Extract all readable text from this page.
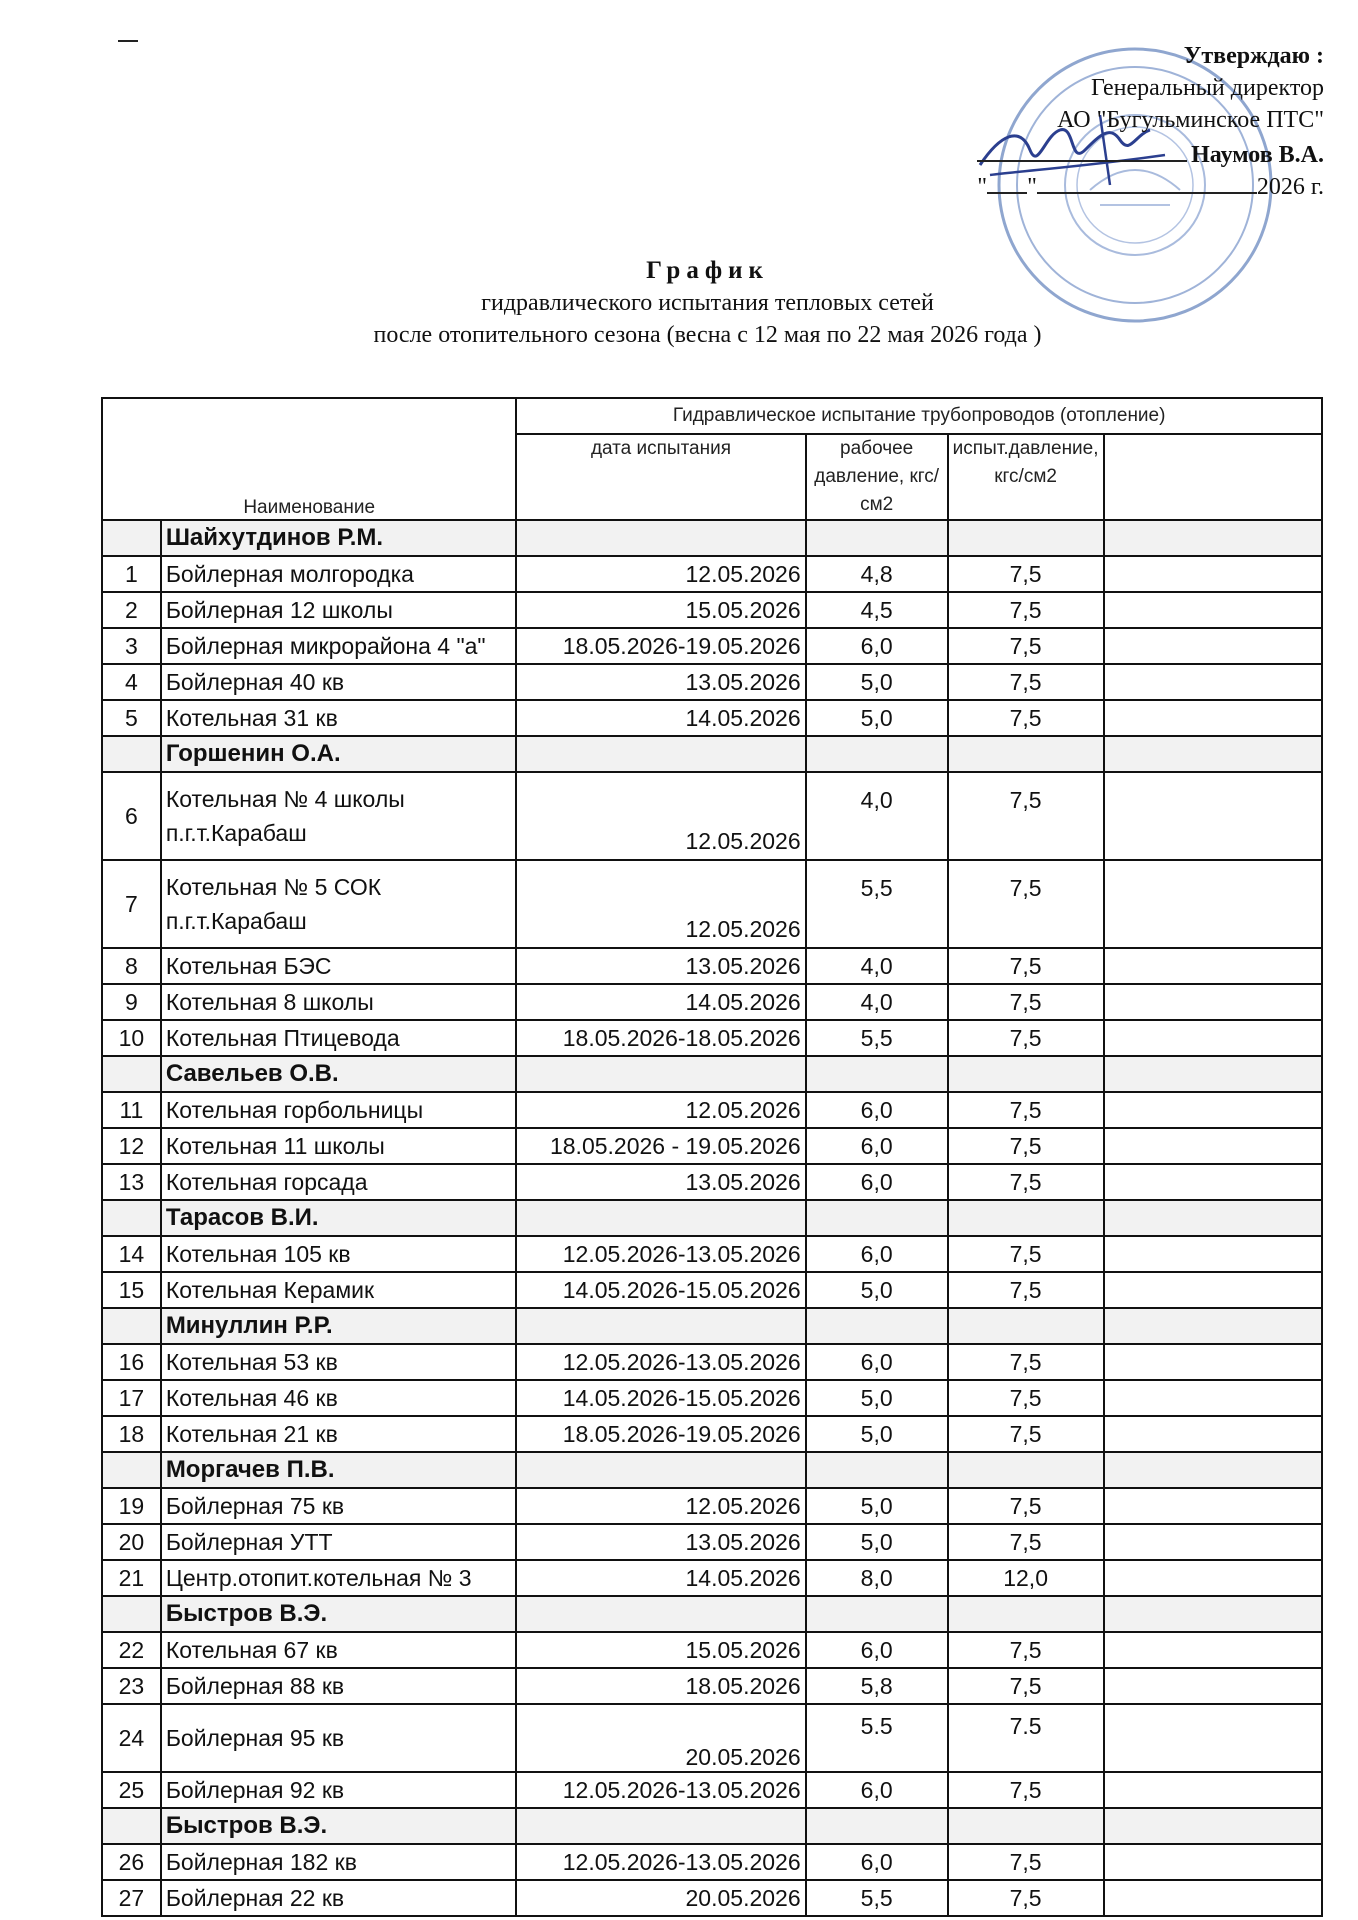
Утверждаю :
Генеральный директор
АО "Бугульминское ПТС"
Наумов В.А.
" "	2026 г.
График
гидравлического испытания тепловых сетей
после отопительного сезона (весна с 12 мая по 22 мая 2026 года )
Наименование		Гидравлическое испытание трубопроводов (отопление)			
		дата испытания	рабочее давление, кгс/см2	испыт.давление, кгс/см2	
	Шайхутдинов Р.М.				
1	Бойлерная молгородка	12.05.2026	4,8	7,5	
2	Бойлерная 12 школы	15.05.2026	4,5	7,5	
3	Бойлерная микрорайона 4 "а"	18.05.2026-19.05.2026	6,0	7,5	
4	Бойлерная 40 кв	13.05.2026	5,0	7,5	
5	Котельная 31 кв	14.05.2026	5,0	7,5	
	Горшенин О.А.				
6	Котельная № 4 школы
п.г.т.Карабаш	12.05.2026	4,0	7,5	
7	Котельная № 5 СОК
п.г.т.Карабаш	12.05.2026	5,5	7,5	
8	Котельная БЭС	13.05.2026	4,0	7,5	
9	Котельная 8 школы	14.05.2026	4,0	7,5	
10	Котельная Птицевода	18.05.2026-18.05.2026	5,5	7,5	
	Савельев О.В.				
11	Котельная горбольницы	12.05.2026	6,0	7,5	
12	Котельная 11 школы	18.05.2026 - 19.05.2026	6,0	7,5	
13	Котельная горсада	13.05.2026	6,0	7,5	
	Тарасов В.И.				
14	Котельная 105 кв	12.05.2026-13.05.2026	6,0	7,5	
15	Котельная Керамик	14.05.2026-15.05.2026	5,0	7,5	
	Минуллин Р.Р.				
16	Котельная 53 кв	12.05.2026-13.05.2026	6,0	7,5	
17	Котельная 46 кв	14.05.2026-15.05.2026	5,0	7,5	
18	Котельная 21 кв	18.05.2026-19.05.2026	5,0	7,5	
	Моргачев П.В.				
19	Бойлерная 75 кв	12.05.2026	5,0	7,5	
20	Бойлерная УТТ	13.05.2026	5,0	7,5	
21	Центр.отопит.котельная № 3	14.05.2026	8,0	12,0	
	Быстров В.Э.				
22	Котельная 67 кв	15.05.2026	6,0	7,5	
23	Бойлерная 88 кв	18.05.2026	5,8	7,5	
24	Бойлерная 95 кв	20.05.2026	5.5	7.5	
25	Бойлерная 92 кв	12.05.2026-13.05.2026	6,0	7,5	
	Быстров В.Э.				
26	Бойлерная 182 кв	12.05.2026-13.05.2026	6,0	7,5	
27	Бойлерная 22 кв	20.05.2026	5,5	7,5	
